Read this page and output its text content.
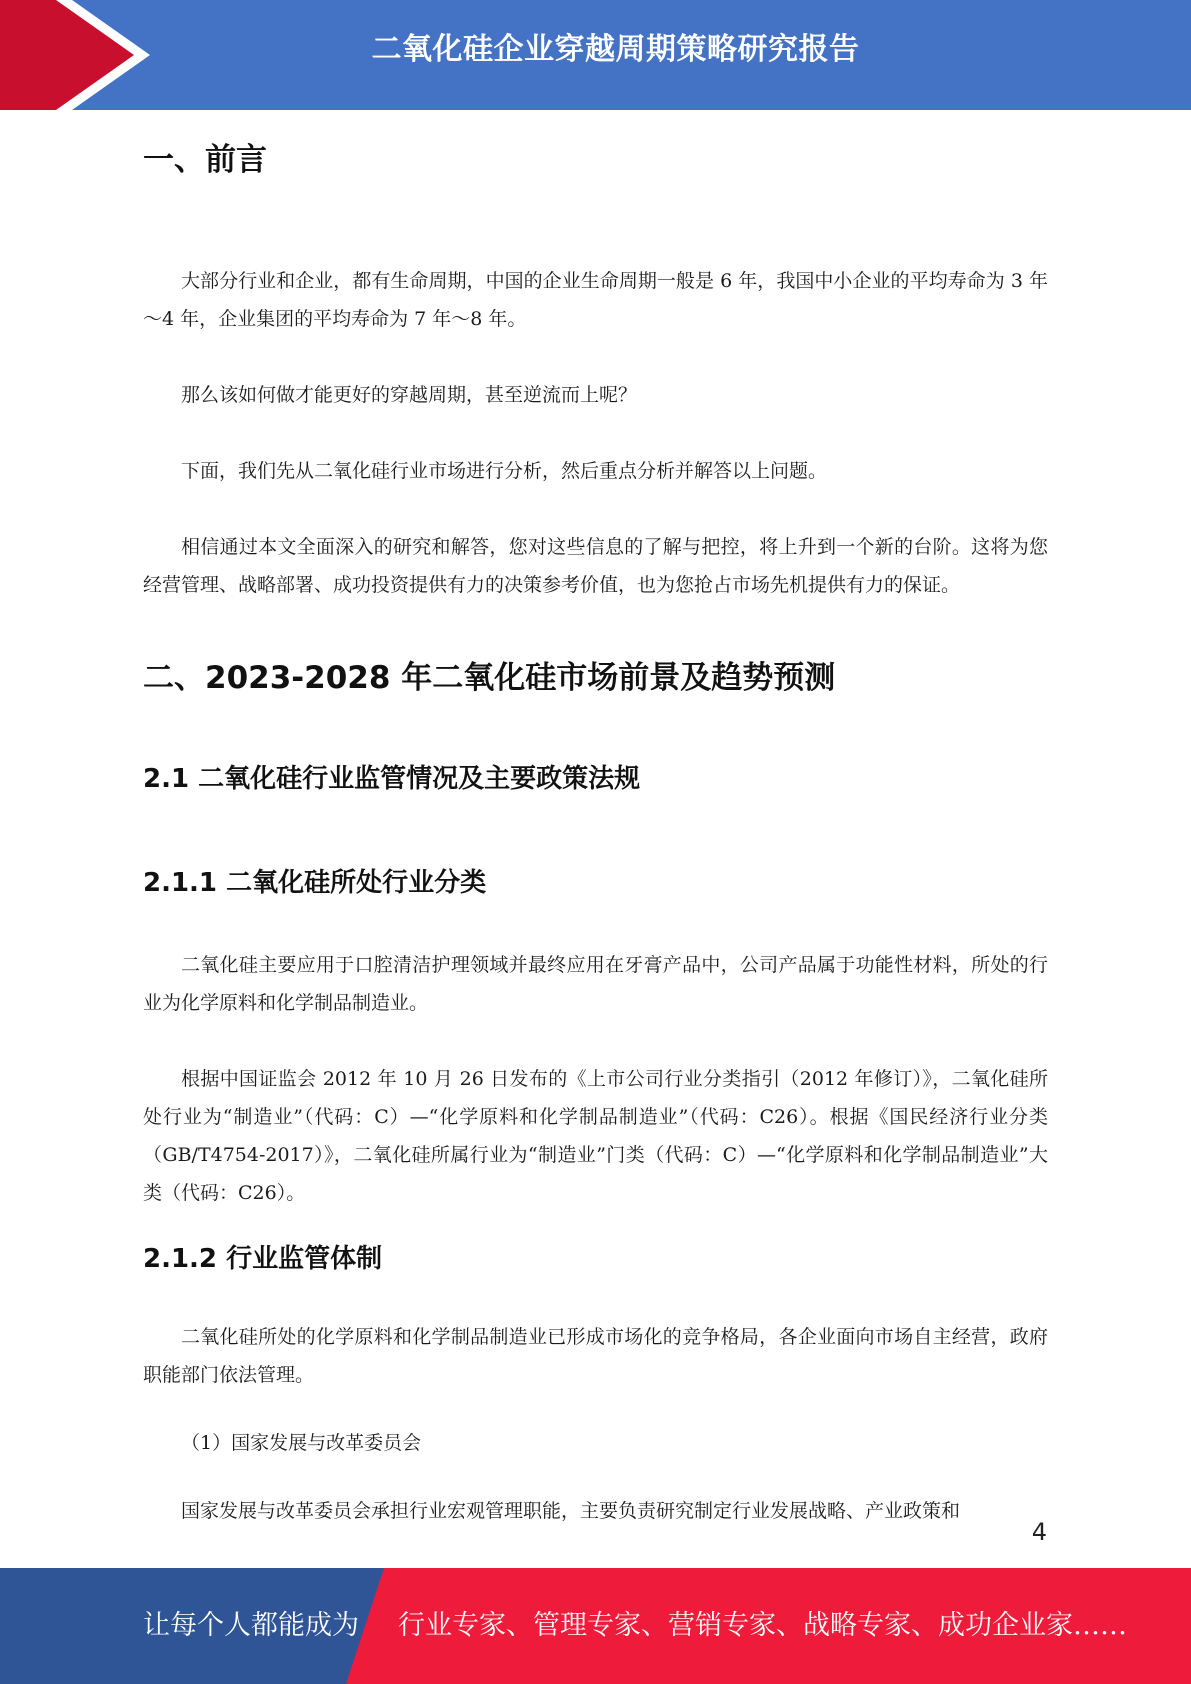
二氧化硅企业穿越周期策略研究报告
一、前言

大部分行业和企业，都有生命周期，中国的企业生命周期一般是 6 年，我国中小企业的平均寿命为 3 年～4 年，企业集团的平均寿命为 7 年～8 年。

那么该如何做才能更好的穿越周期，甚至逆流而上呢？

下面，我们先从二氧化硅行业市场进行分析，然后重点分析并解答以上问题。

相信通过本文全面深入的研究和解答，您对这些信息的了解与把控，将上升到一个新的台阶。这将为您经营管理、战略部署、成功投资提供有力的决策参考价值，也为您抢占市场先机提供有力的保证。

二、2023-2028 年二氧化硅市场前景及趋势预测
2.1 二氧化硅行业监管情况及主要政策法规
2.1.1 二氧化硅所处行业分类

二氧化硅主要应用于口腔清洁护理领域并最终应用在牙膏产品中，公司产品属于功能性材料，所处的行业为化学原料和化学制品制造业。

根据中国证监会 2012 年 10 月 26 日发布的《上市公司行业分类指引（2012 年修订）》，二氧化硅所处行业为“制造业”（代码：C）—“化学原料和化学制品制造业”（代码：C26）。根据《国民经济行业分类（GB/T4754-2017）》，二氧化硅所属行业为“制造业”门类（代码：C）—“化学原料和化学制品制造业”大类（代码：C26）。

2.1.2 行业监管体制

二氧化硅所处的化学原料和化学制品制造业已形成市场化的竞争格局，各企业面向市场自主经营，政府职能部门依法管理。

（1）国家发展与改革委员会

国家发展与改革委员会承担行业宏观管理职能，主要负责研究制定行业发展战略、产业政策和

4
让每个人都能成为 行业专家、管理专家、营销专家、战略专家、成功企业家……
